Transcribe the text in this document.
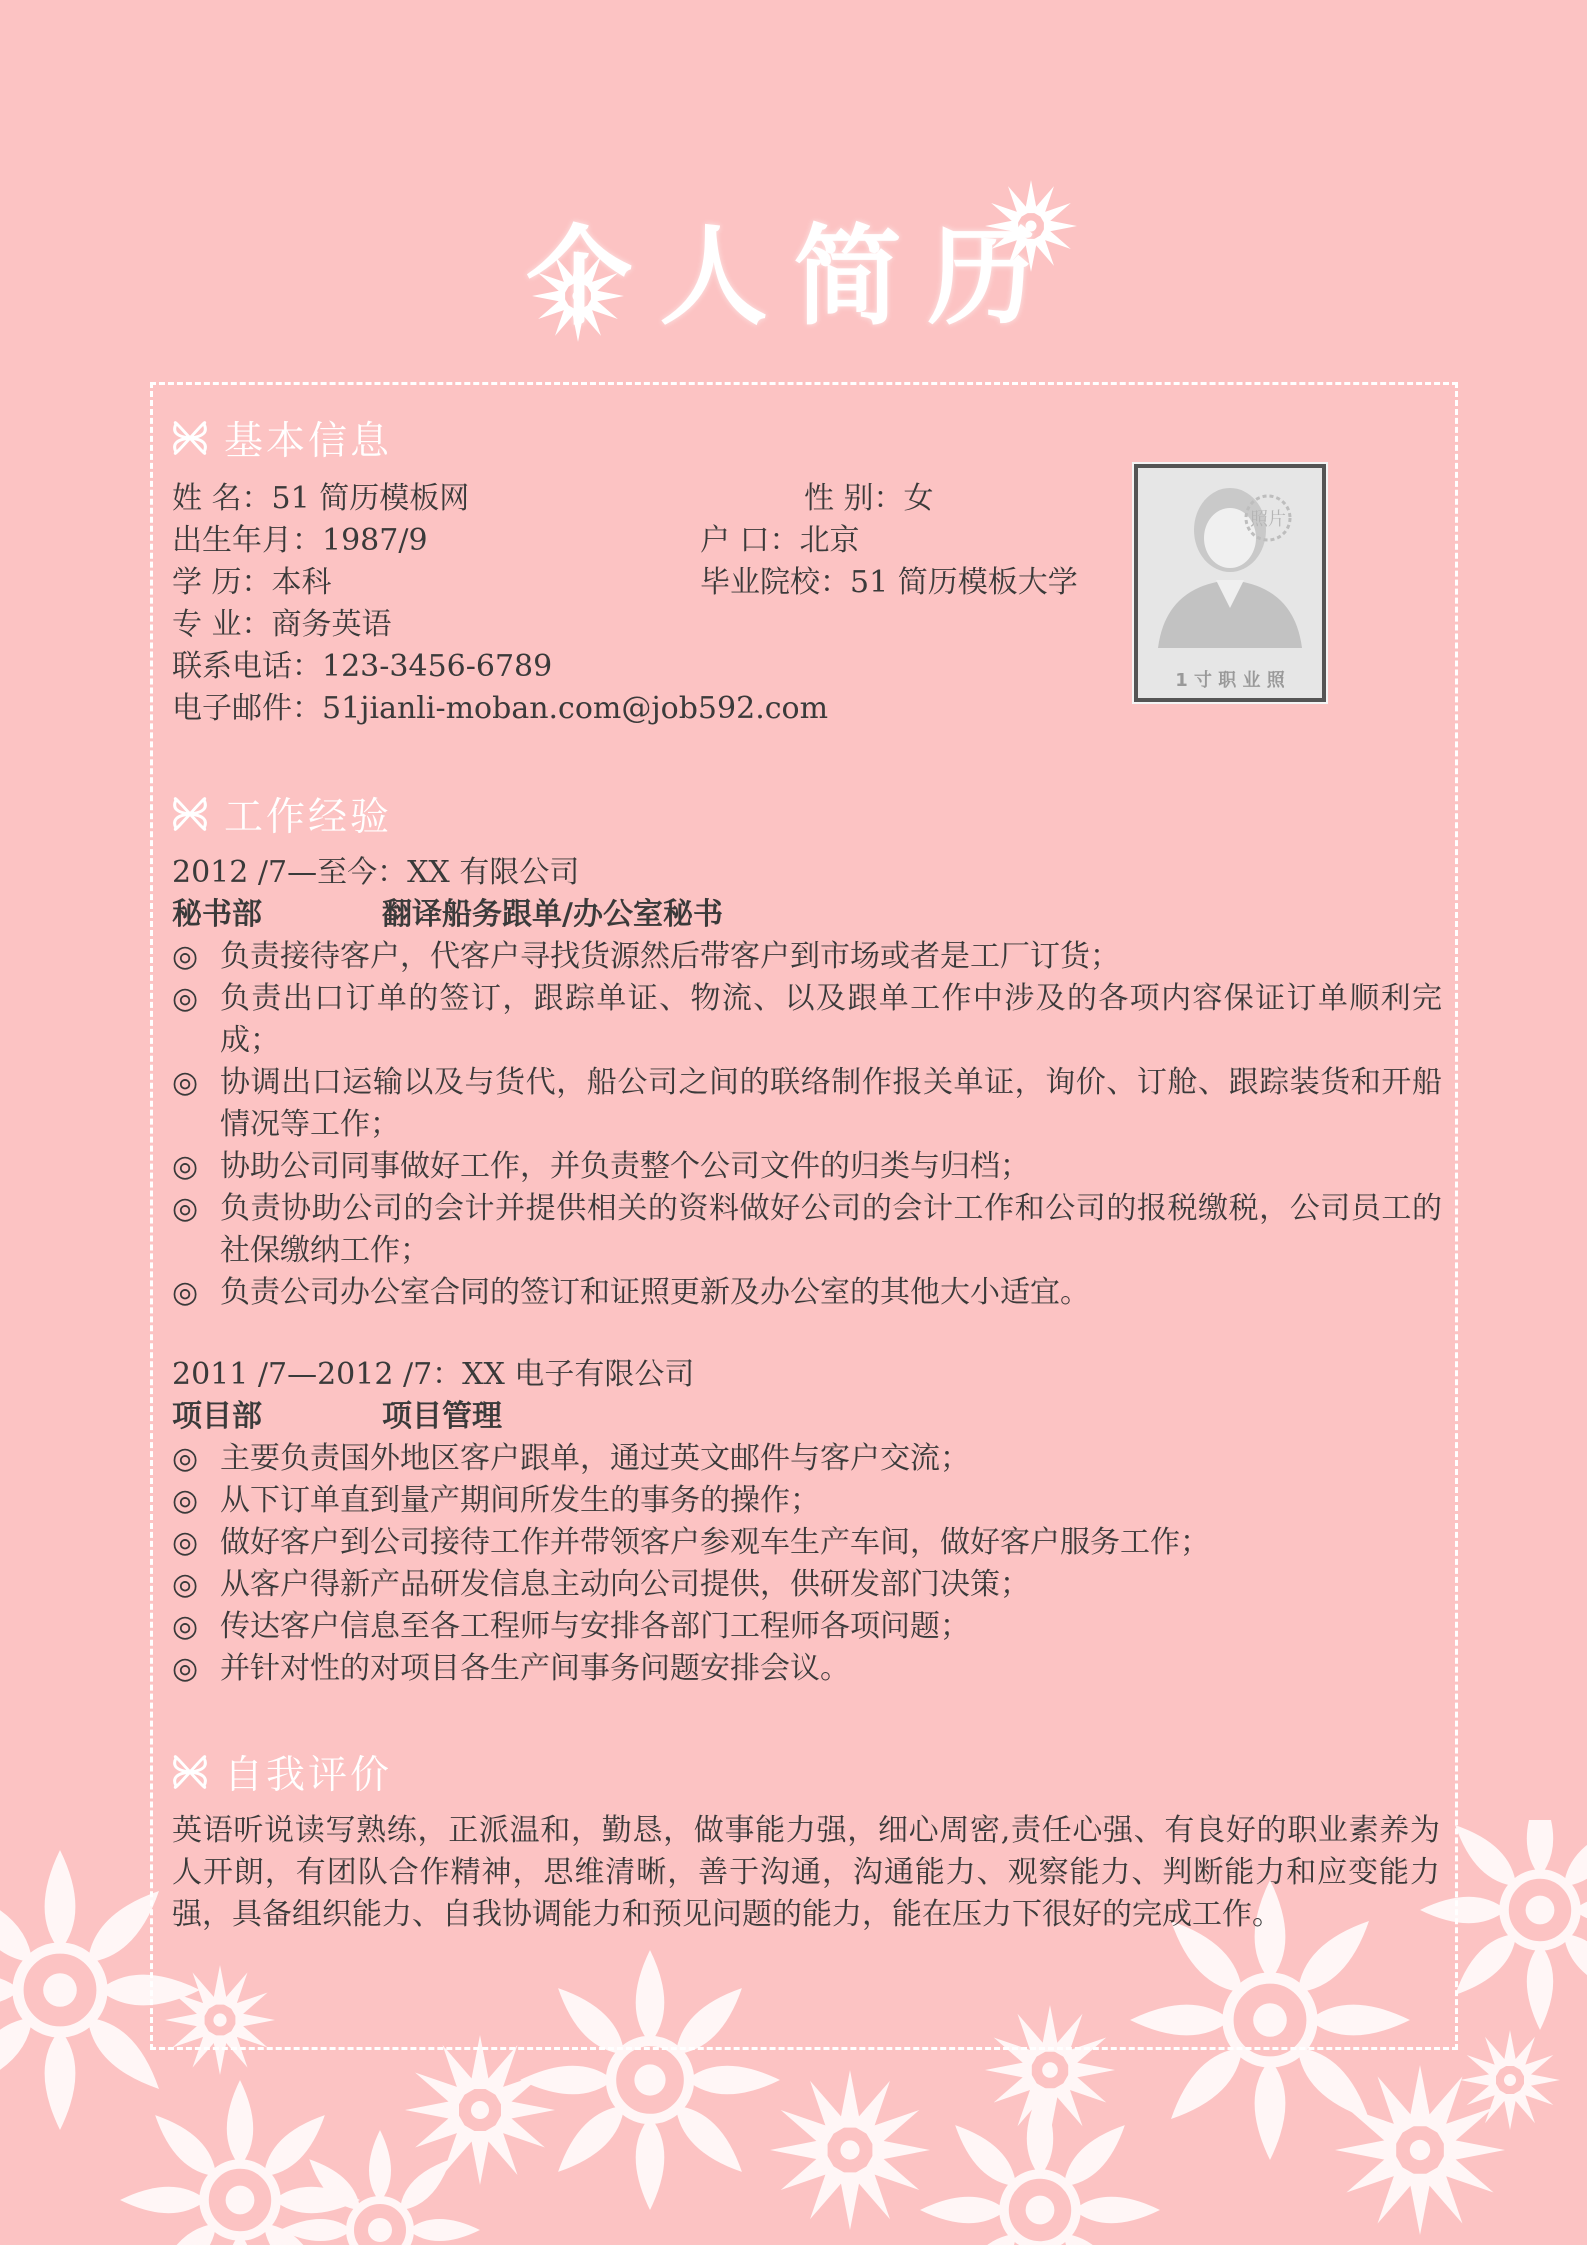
个人简历
基本信息
姓 名：51 简历模板网	性 别：女
出生年月：1987/9	户 口：北京
学 历：本科	毕业院校：51 简历模板大学
专 业：商务英语
联系电话：123-3456-6789
电子邮件：51jianli-moban.com@job592.com
照片
1 寸 职 业 照
工作经验
2012 /7—至今：XX 有限公司
秘书部	翻译船务跟单/办公室秘书
◎ 负责接待客户，代客户寻找货源然后带客户到市场或者是工厂订货；
◎ 负责出口订单的签订，跟踪单证、物流、以及跟单工作中涉及的各项内容保证订单顺利完成；
◎ 协调出口运输以及与货代，船公司之间的联络制作报关单证，询价、订舱、跟踪装货和开船情况等工作；
◎ 协助公司同事做好工作，并负责整个公司文件的归类与归档；
◎ 负责协助公司的会计并提供相关的资料做好公司的会计工作和公司的报税缴税，公司员工的社保缴纳工作；
◎ 负责公司办公室合同的签订和证照更新及办公室的其他大小适宜。
2011 /7—2012 /7：XX 电子有限公司
项目部	项目管理
◎ 主要负责国外地区客户跟单，通过英文邮件与客户交流；
◎ 从下订单直到量产期间所发生的事务的操作；
◎ 做好客户到公司接待工作并带领客户参观车生产车间，做好客户服务工作；
◎ 从客户得新产品研发信息主动向公司提供，供研发部门决策；
◎ 传达客户信息至各工程师与安排各部门工程师各项问题；
◎ 并针对性的对项目各生产间事务问题安排会议。
自我评价
英语听说读写熟练，正派温和，勤恳，做事能力强，细心周密,责任心强、有良好的职业素养为人开朗，有团队合作精神，思维清晰，善于沟通，沟通能力、观察能力、判断能力和应变能力强，具备组织能力、自我协调能力和预见问题的能力，能在压力下很好的完成工作。
